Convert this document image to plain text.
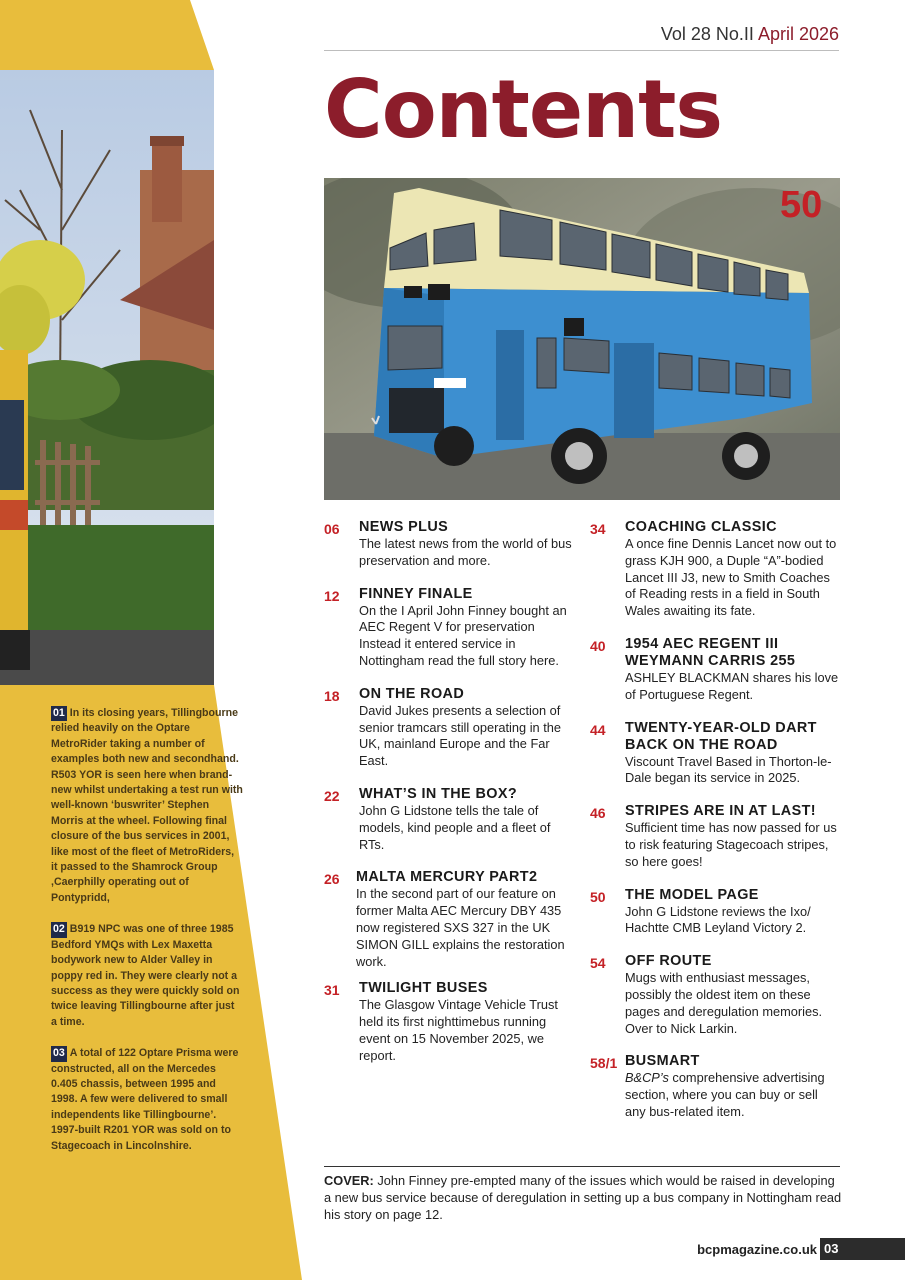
01 In its closing years, Tillingbourne relied heavily on the Optare MetroRider taking a number of examples both new and secondhand. R503 YOR is seen here when brand-new whilst undertaking a test run with well-known ‘buswriter’ Stephen Morris at the wheel. Following final closure of the bus services in 2001, like most of the fleet of MetroRiders, it passed to the Shamrock Group ,Caerphilly operating out of Pontypridd,

02 B919 NPC was one of three 1985 Bedford YMQs with Lex Maxetta bodywork new to Alder Valley in poppy red in. They were clearly not a success as they were quickly sold on twice leaving Tillingbourne after just a time.

03 A total of 122 Optare Prisma were constructed, all on the Mercedes 0.405 chassis, between 1995 and 1998. A few were delivered to small independents like Tillingbourne’. 1997-built R201 YOR was sold on to Stagecoach in Lincolnshire.

Vol 28 No.II April 2026
Contents
50
06 NEWS PLUS
The latest news from the world of bus preservation and more.
12 FINNEY FINALE
On the I April John Finney bought an AEC Regent V for preservation Instead it entered service in Nottingham read the full story here.
18 ON THE ROAD
David Jukes presents a selection of senior tramcars still operating in the UK, mainland Europe and the Far East.
22 WHAT’S IN THE BOX?
John G Lidstone tells the tale of models, kind people and a fleet of RTs.
26 MALTA MERCURY PART2
In the second part of our feature on former Malta AEC Mercury DBY 435 now registered SXS 327 in the UK SIMON GILL explains the restoration work.
31 TWILIGHT BUSES
The Glasgow Vintage Vehicle Trust held its first nighttimebus running event on 15 November 2025, we report.
34 COACHING CLASSIC
A once fine Dennis Lancet now out to grass KJH 900, a Duple “A”-bodied Lancet III J3, new to Smith Coaches of Reading rests in a field in South Wales awaiting its fate.
40 1954 AEC REGENT III WEYMANN CARRIS 255
ASHLEY BLACKMAN shares his love of Portuguese Regent.
44 TWENTY-YEAR-OLD DART BACK ON THE ROAD
Viscount Travel Based in Thorton-le-Dale began its service in 2025.
46 STRIPES ARE IN AT LAST!
Sufficient time has now passed for us to risk featuring Stagecoach stripes, so here goes!
50 THE MODEL PAGE
John G Lidstone reviews the Ixo/ Hachtte CMB Leyland Victory 2.
54 OFF ROUTE
Mugs with enthusiast messages, possibly the oldest item on these pages and deregulation memories. Over to Nick Larkin.
58/1 BUSMART
B&CP’s comprehensive advertising section, where you can buy or sell any bus-related item.
COVER: John Finney pre-empted many of the issues which would be raised in developing a new bus service because of deregulation in setting up a bus company in Nottingham read his story on page 12.
bcpmagazine.co.uk 03
